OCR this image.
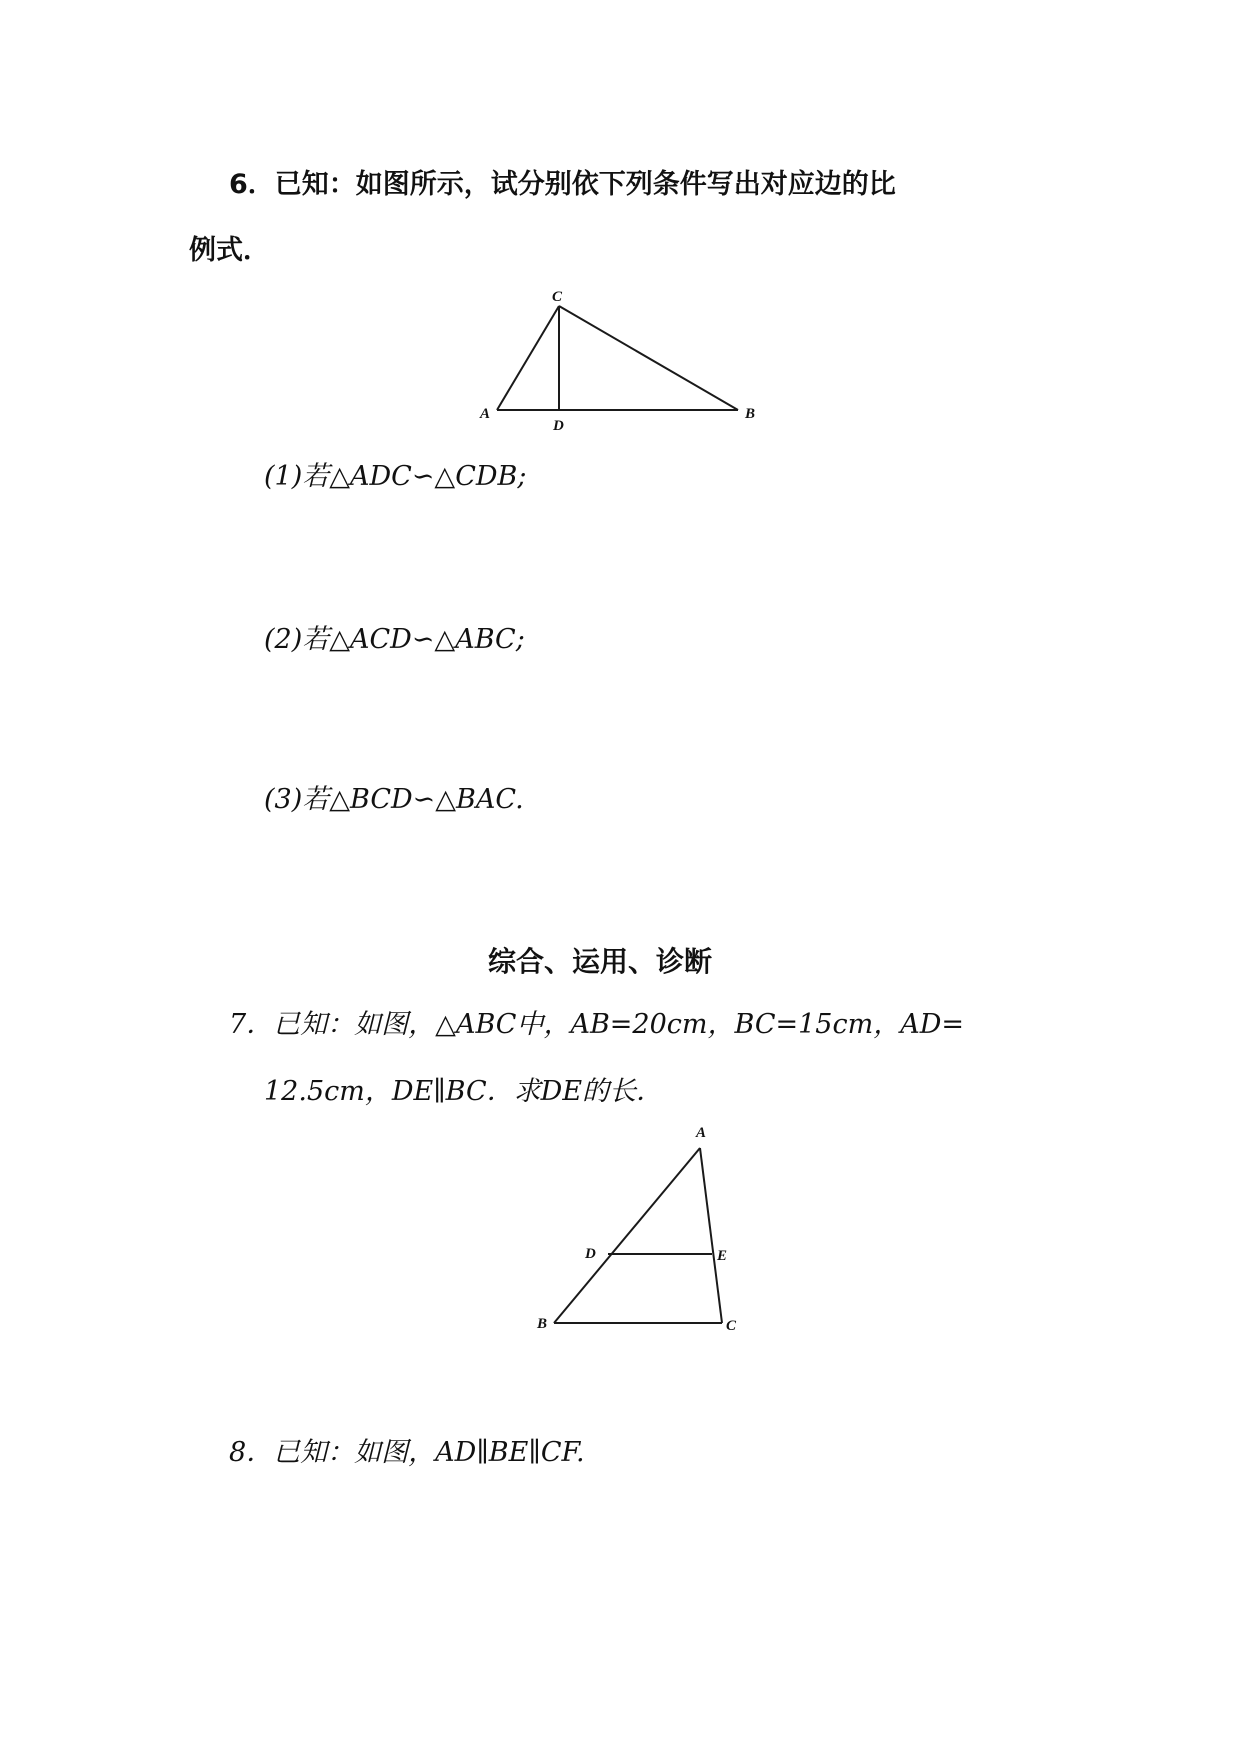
6．已知：如图所示，试分别依下列条件写出对应边的比
例式．
C
A
D
B
(1)若△ADC∽△CDB;
(2)若△ACD∽△ABC;
(3)若△BCD∽△BAC.
综合、运用、诊断
7．已知：如图，△ABC中，AB=20cm，BC=15cm，AD=
12.5cm，DE∥BC．求DE的长．
A
D	E
B	C
8．已知：如图，AD∥BE∥CF.
